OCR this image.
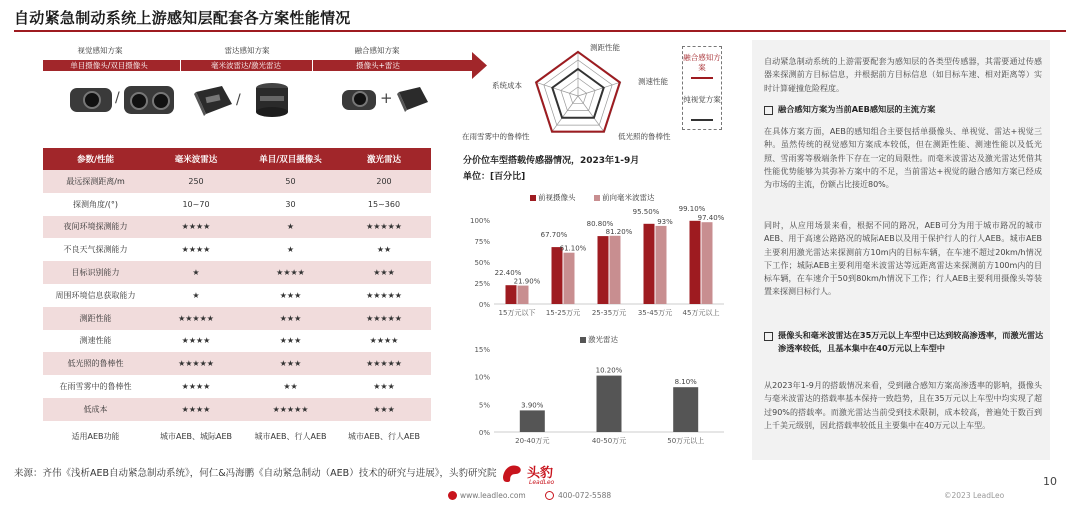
自动紧急制动系统上游感知层配套各方案性能情况
视觉感知方案	雷达感知方案	融合感知方案
单目摄像头/双目摄像头	毫米波雷达/激光雷达	摄像头+雷达
/	/	+
参数/性能	毫米波雷达	单目/双目摄像头	激光雷达
最远探测距离/m	250	50	200
探测角度/(°)	10~70	30	15~360
夜间环境探测能力	★★★★	★	★★★★★
不良天气探测能力	★★★★	★	★★
目标识别能力	★	★★★★	★★★
周围环境信息获取能力	★	★★★	★★★★★
测距性能	★★★★★	★★★	★★★★★
测速性能	★★★★	★★★	★★★★
低光照的鲁棒性	★★★★★	★★★	★★★★★
在雨雪雾中的鲁棒性	★★★★	★★	★★★
低成本	★★★★	★★★★★	★★★
适用AEB功能	城市AEB、城际AEB	城市AEB、行人AEB	城市AEB、行人AEB
测距性能
测速性能
低光照的鲁棒性
在雨雪雾中的鲁棒性
系统成本
融合感知方案
纯视觉方案
分价位车型搭载传感器情况，2023年1-9月
单位：[百分比]
前视摄像头	前向毫米波雷达
0%
25%
50%
75%
100%
22.40%
21.90%
15万元以下
67.70%
61.10%
15-25万元
80.80%
81.20%
25-35万元
95.50%
93%
35-45万元
99.10%
97.40%
45万元以上
激光雷达
0%
5%
10%
15%
3.90%
20-40万元
10.20%
40-50万元
8.10%
50万元以上
自动紧急制动系统的上游需要配套为感知层的各类型传感器，其需要通过传感器来探测前方目标信息，并根据前方目标信息（如目标车速、相对距离等）实时计算碰撞危险程度。
融合感知方案为当前AEB感知层的主流方案
在具体方案方面，AEB的感知组合主要包括单摄像头、单视觉、雷达+视觉三种。虽然传统的视觉感知方案成本较低，但在测距性能、测速性能以及低光照、雪雨雾等极端条件下存在一定的局限性。而毫米波雷达及激光雷达凭借其性能优势能够为其弥补方案中的不足，当前雷达+视觉的融合感知方案已经成为市场的主流，份额占比接近80%。
同时，从应用场景来看，根据不同的路况，AEB可分为用于城市路况的城市AEB、用于高速公路路况的城际AEB以及用于保护行人的行人AEB。城市AEB主要利用激光雷达来探测前方10m内的目标车辆，在车速不超过20km/h情况下工作；城际AEB主要利用毫米波雷达等远距离雷达来探测前方100m内的目标车辆，在车速介于50到80km/h情况下工作；行人AEB主要利用摄像头等装置来探测目标行人。
摄像头和毫米波雷达在35万元以上车型中已达到较高渗透率，而激光雷达渗透率较低，且基本集中在40万元以上车型中
从2023年1-9月的搭载情况来看，受到融合感知方案高渗透率的影响，摄像头与毫米波雷达的搭载率基本保持一致趋势，且在35万元以上车型中均实现了超过90%的搭载率。而激光雷达当前受到技术限制，成本较高，普遍处于数百到上千美元级别，因此搭载率较低且主要集中在40万元以上车型。
来源：齐伟《浅析AEB自动紧急制动系统》，何仁&冯海鹏《自动紧急制动（AEB）技术的研究与进展》，头豹研究院	头豹
LeadLeo
www.leadleo.com	400-072-5588	©2023 LeadLeo
10
